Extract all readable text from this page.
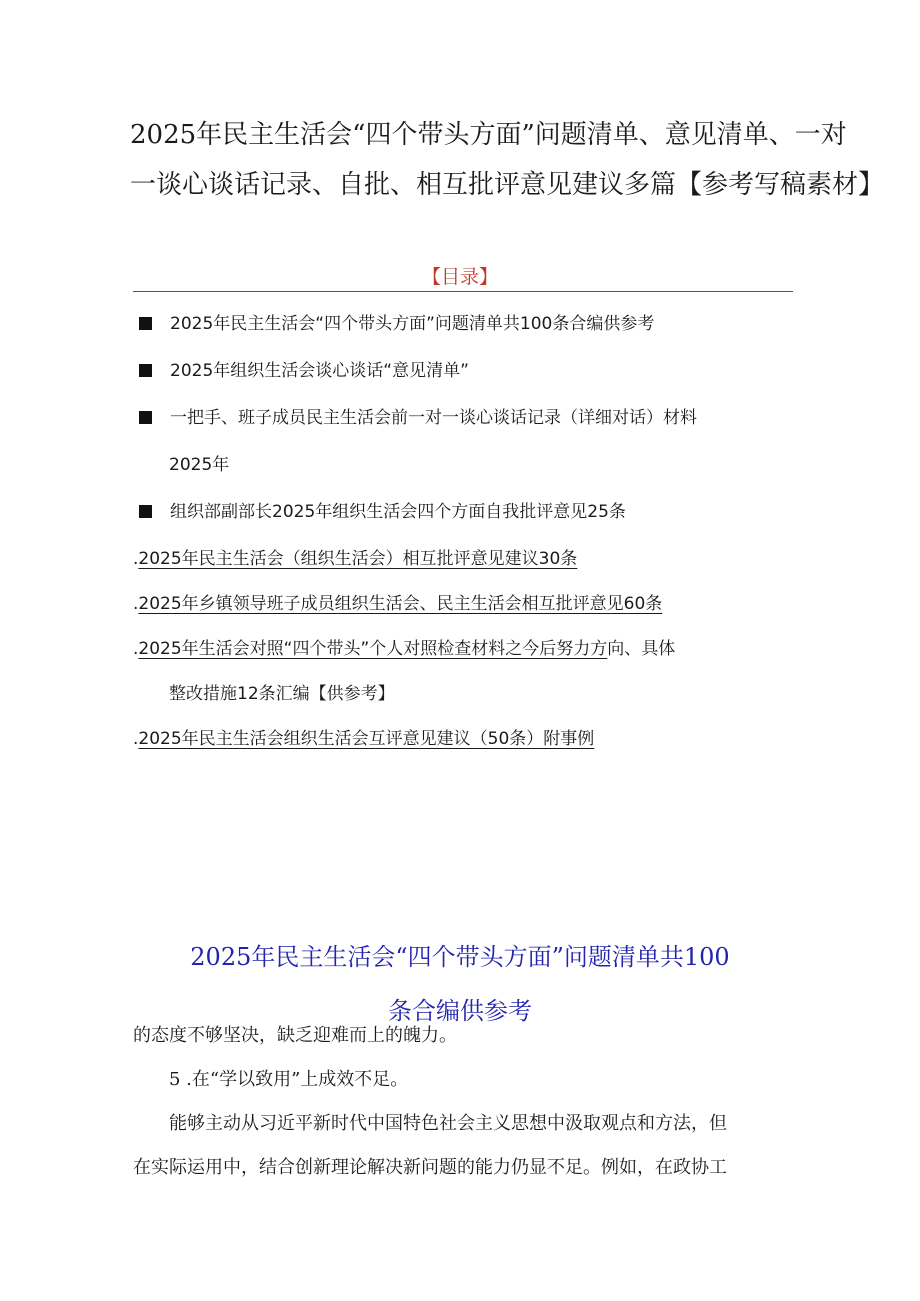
2025年民主生活会“四个带头方面”问题清单、意见清单、一对
一谈心谈话记录、自批、相互批评意见建议多篇【参考写稿素材】
【目录】
2025年民主生活会“四个带头方面”问题清单共100条合编供参考
2025年组织生活会谈心谈话“意见清单”
一把手、班子成员民主生活会前一对一谈心谈话记录（详细对话）材料
2025年
组织部副部长2025年组织生活会四个方面自我批评意见25条
.2025年民主生活会（组织生活会）相互批评意见建议30条
.2025年乡镇领导班子成员组织生活会、民主生活会相互批评意见60条
.2025年生活会对照“四个带头”个人对照检查材料之今后努力方向、具体
整改措施12条汇编【供参考】
.2025年民主生活会组织生活会互评意见建议（50条）附事例
2025年民主生活会“四个带头方面”问题清单共100
条合编供参考

的态度不够坚决，缺乏迎难而上的魄力。

5 .在“学以致用”上成效不足。

能够主动从习近平新时代中国特色社会主义思想中汲取观点和方法，但

在实际运用中，结合创新理论解决新问题的能力仍显不足。例如，在政协工
